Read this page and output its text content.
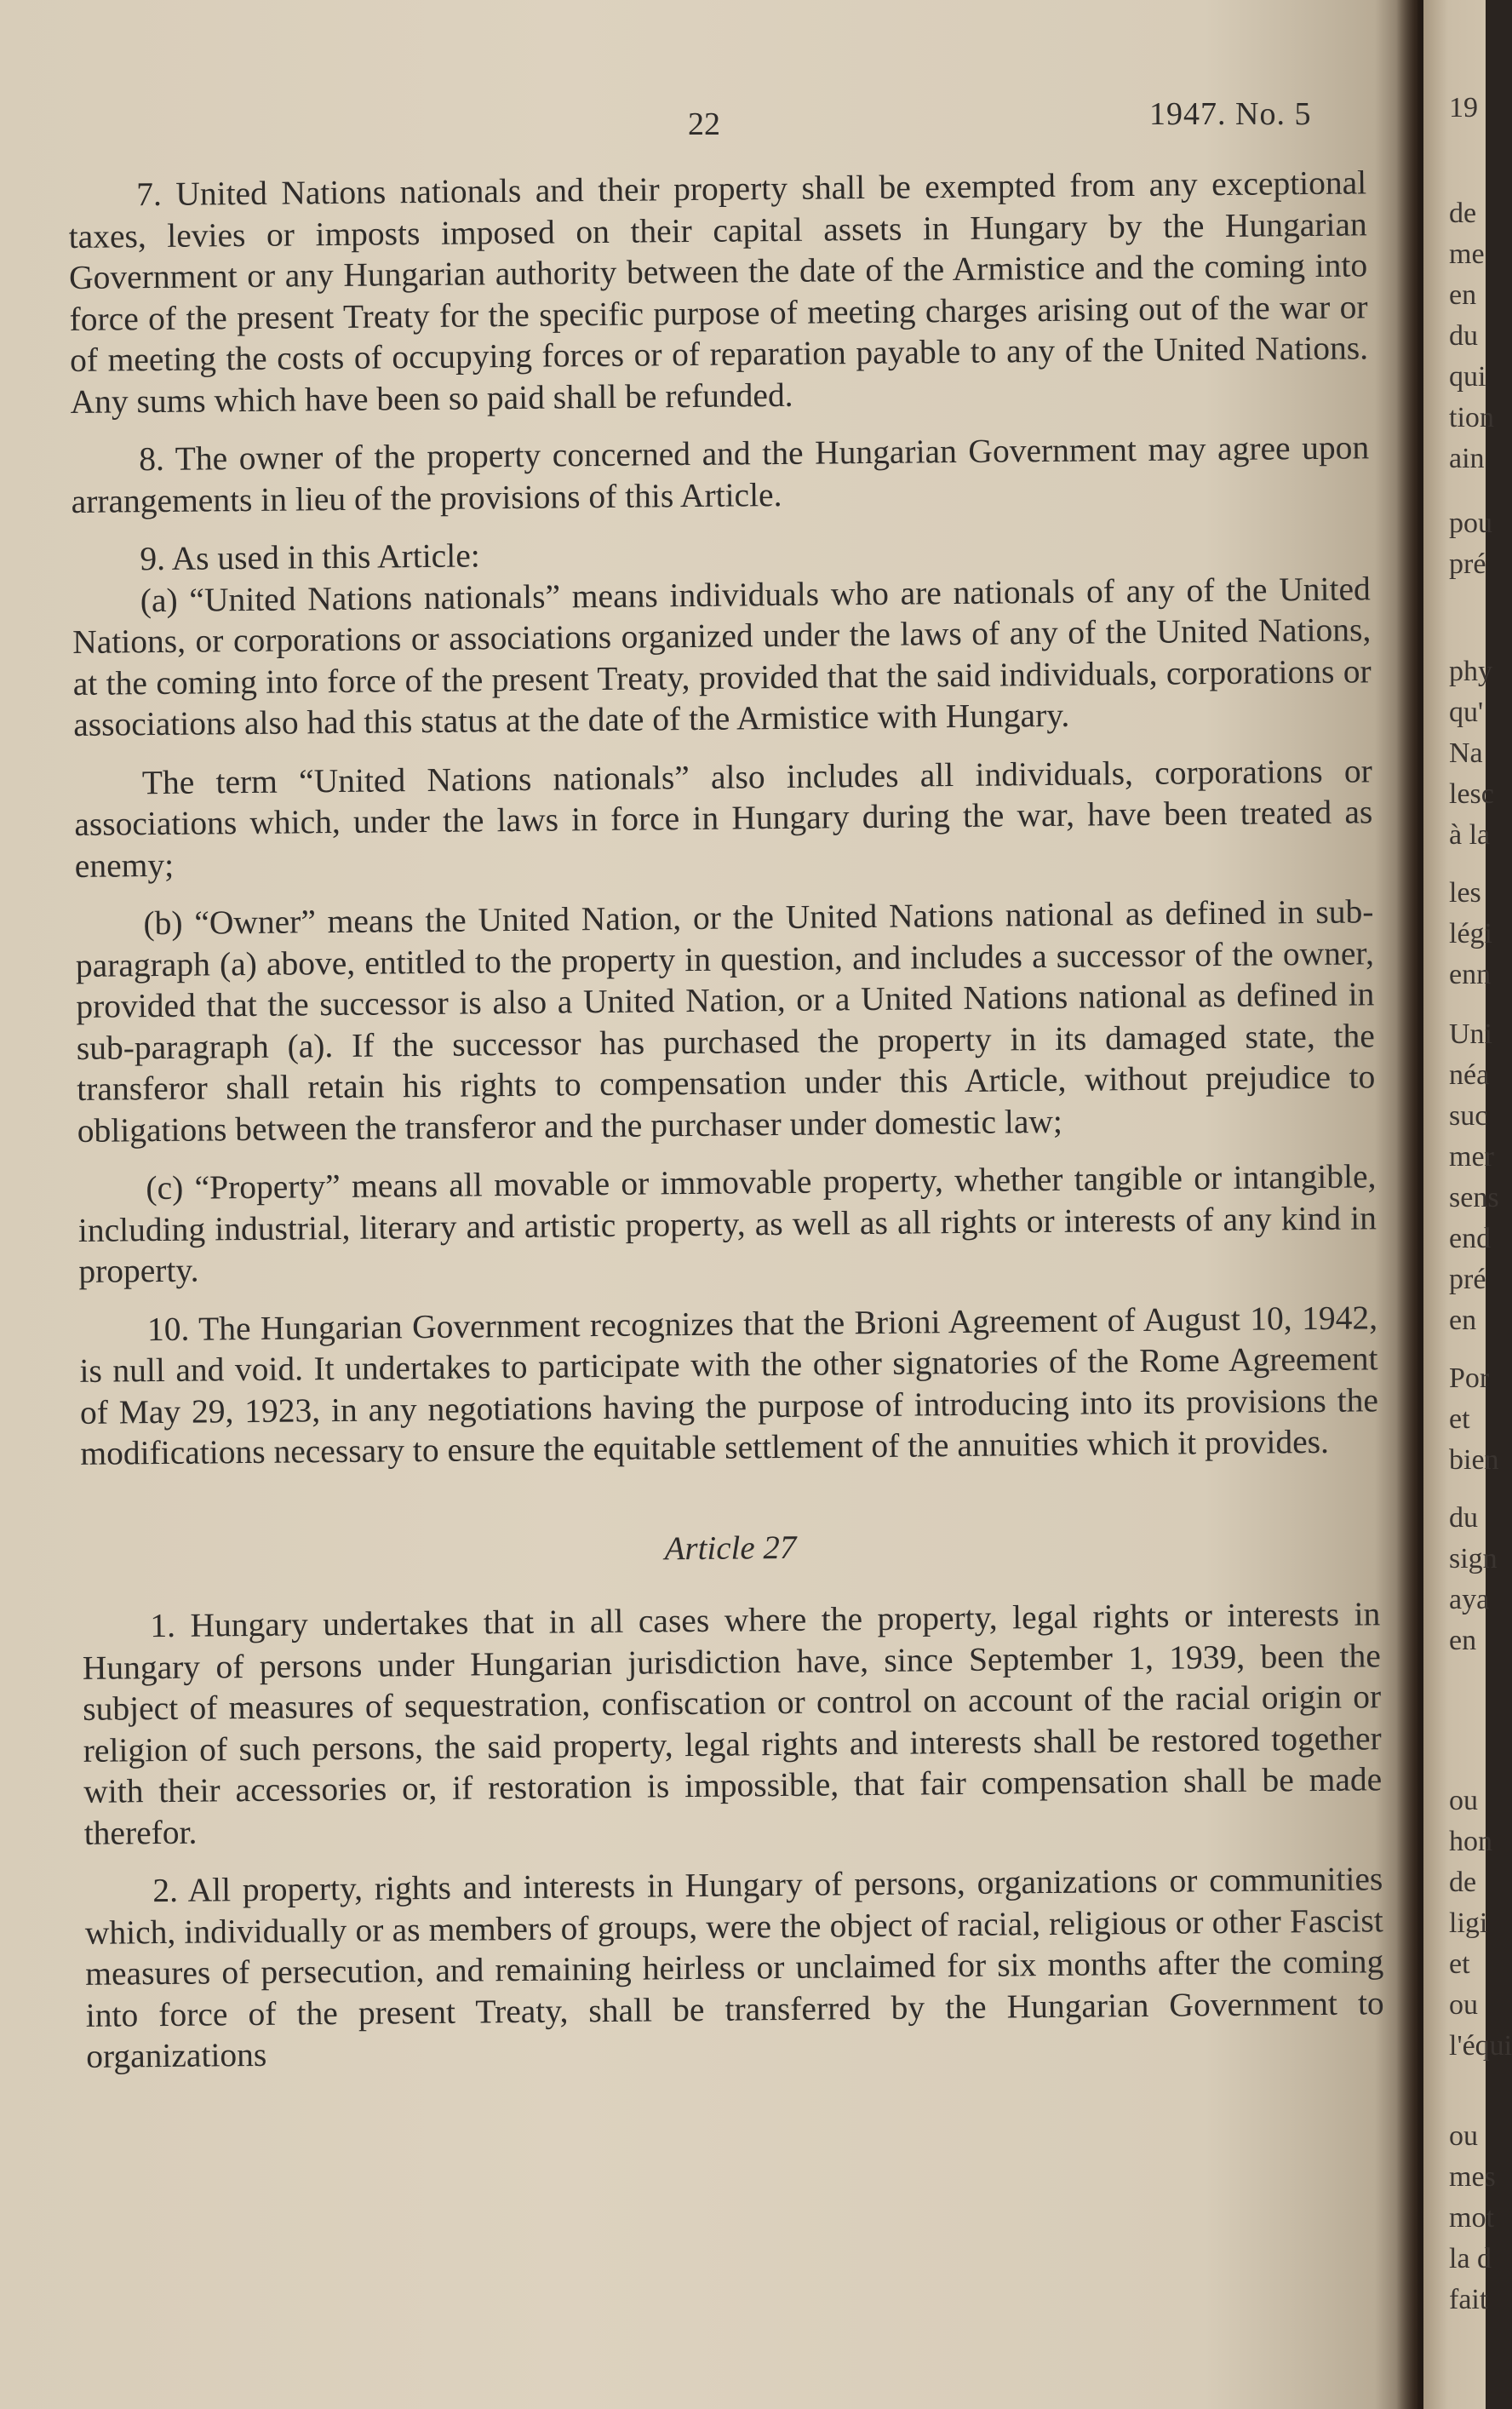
22	1947. No. 5

7. United Nations nationals and their property shall be exempted from any exceptional taxes, levies or imposts imposed on their capital assets in Hungary by the Hungarian Government or any Hungarian authority between the date of the Armistice and the coming into force of the present Treaty for the specific purpose of meeting charges arising out of the war or of meeting the costs of occupying forces or of reparation payable to any of the United Nations. Any sums which have been so paid shall be refunded.

8. The owner of the property concerned and the Hungarian Government may agree upon arrangements in lieu of the provisions of this Article.

9. As used in this Article:

(a) “United Nations nationals” means individuals who are nationals of any of the United Nations, or corporations or associations organized under the laws of any of the United Nations, at the coming into force of the present Treaty, provided that the said individuals, corporations or associations also had this status at the date of the Armistice with Hungary.

The term “United Nations nationals” also includes all individuals, corporations or associations which, under the laws in force in Hungary during the war, have been treated as enemy;

(b) “Owner” means the United Nation, or the United Nations national as defined in sub-paragraph (a) above, entitled to the property in question, and includes a successor of the owner, provided that the successor is also a United Nation, or a United Nations national as defined in sub-paragraph (a). If the successor has purchased the property in its damaged state, the transferor shall retain his rights to compensation under this Article, without prejudice to obligations between the transferor and the purchaser under domestic law;

(c) “Property” means all movable or immovable property, whether tangible or intangible, including industrial, literary and artistic property, as well as all rights or interests of any kind in property.

10. The Hungarian Government recognizes that the Brioni Agreement of August 10, 1942, is null and void. It undertakes to participate with the other signatories of the Rome Agreement of May 29, 1923, in any negotiations having the purpose of introducing into its provisions the modifications necessary to ensure the equitable settlement of the annuities which it provides.

Article 27

1. Hungary undertakes that in all cases where the property, legal rights or interests in Hungary of persons under Hungarian jurisdiction have, since September 1, 1939, been the subject of measures of sequestration, confiscation or control on account of the racial origin or religion of such persons, the said property, legal rights and interests shall be restored together with their accessories or, if restoration is impossible, that fair compensation shall be made therefor.

2. All property, rights and interests in Hungary of persons, organizations or communities which, individually or as members of groups, were the object of racial, religious or other Fascist measures of persecution, and remaining heirless or unclaimed for six months after the coming into force of the present Treaty, shall be transferred by the Hungarian Government to organizations

19
de
me
en
du
qui
tion
ain
pou
pré
phy
qu'
Na
lesc
à la
les
légi
enn
Uni
néa
suc
mer
sens
end
pré
en
Por
et
bien
du
sign
aya
en
ou
hon
de
ligi
et
ou
l'équi
ou
mes
mot
la d
fait
